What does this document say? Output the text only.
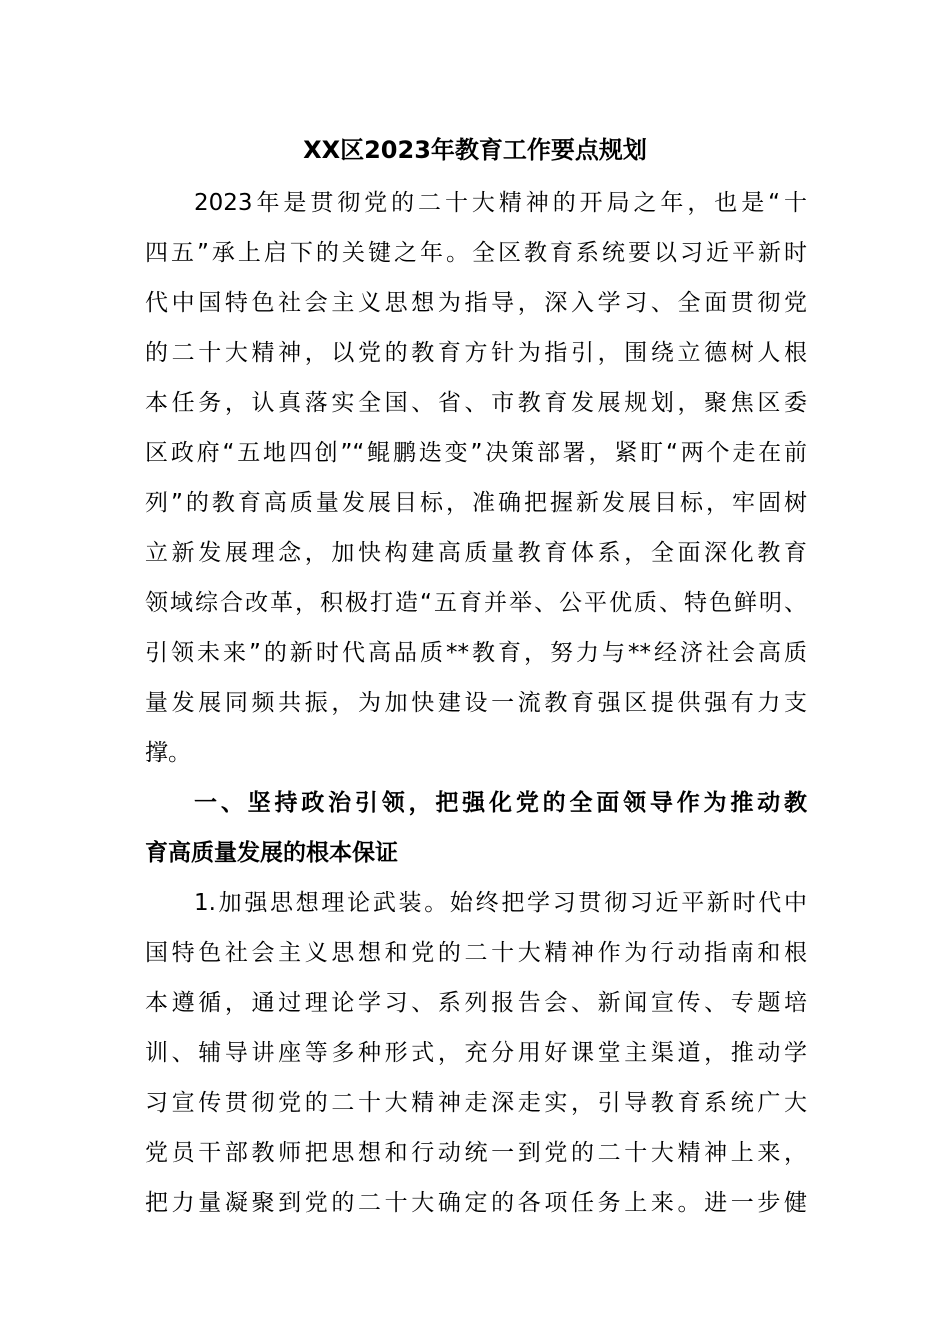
XX区2023年教育工作要点规划
2023年是贯彻党的二十大精神的开局之年，也是“十
四五”承上启下的关键之年。全区教育系统要以习近平新时
代中国特色社会主义思想为指导，深入学习、全面贯彻党
的二十大精神，以党的教育方针为指引，围绕立德树人根
本任务，认真落实全国、省、市教育发展规划，聚焦区委
区政府“五地四创”“鲲鹏迭变”决策部署，紧盯“两个走在前
列”的教育高质量发展目标，准确把握新发展目标，牢固树
立新发展理念，加快构建高质量教育体系，全面深化教育
领域综合改革，积极打造“五育并举、公平优质、特色鲜明、
引领未来”的新时代高品质**教育，努力与**经济社会高质
量发展同频共振，为加快建设一流教育强区提供强有力支
撑。
一、坚持政治引领，把强化党的全面领导作为推动教
育高质量发展的根本保证
1.加强思想理论武装。始终把学习贯彻习近平新时代中
国特色社会主义思想和党的二十大精神作为行动指南和根
本遵循，通过理论学习、系列报告会、新闻宣传、专题培
训、辅导讲座等多种形式，充分用好课堂主渠道，推动学
习宣传贯彻党的二十大精神走深走实，引导教育系统广大
党员干部教师把思想和行动统一到党的二十大精神上来，
把力量凝聚到党的二十大确定的各项任务上来。进一步健
